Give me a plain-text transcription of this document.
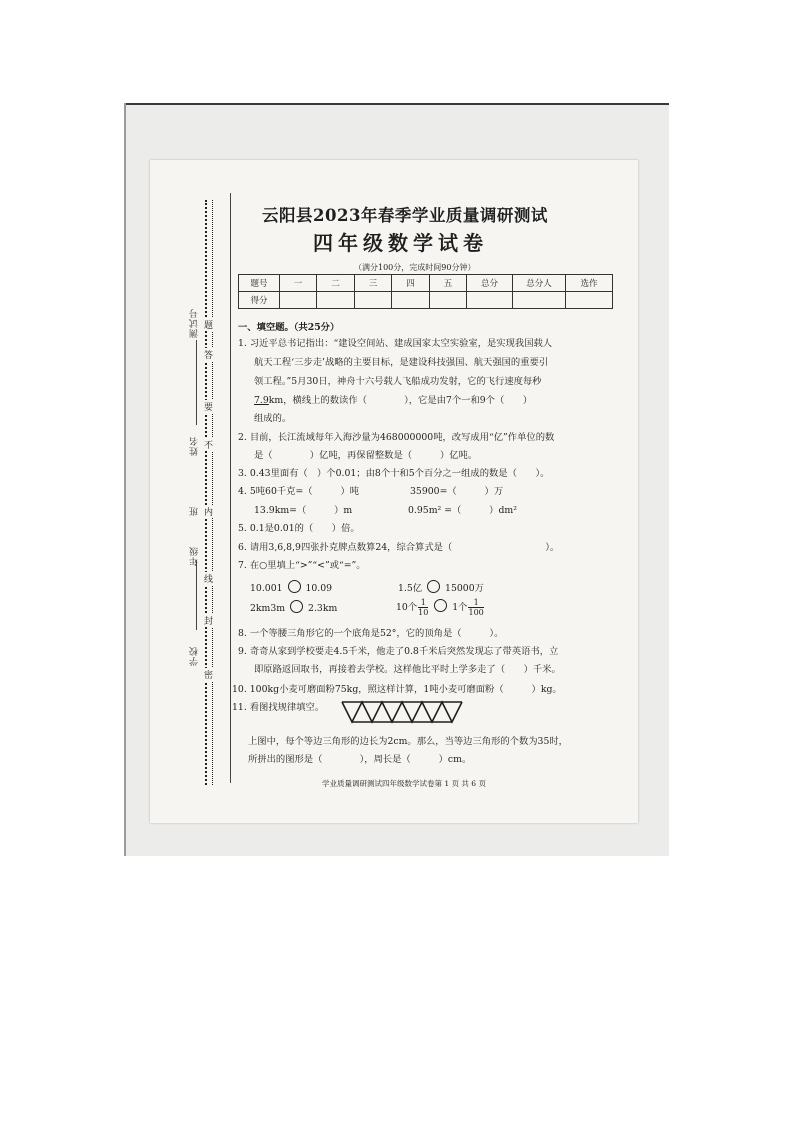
题
答
要
不
内
线
封
密
测试号
姓名
班
年级
学校
云阳县2023年春季学业质量调研测试
四年级数学试卷
（满分100分，完成时间90分钟）
题号	一	二	三	四	五	总分	总分人	选作
得分								
一、填空题。（共25分）
1. 习近平总书记指出：“建设空间站、建成国家太空实验室，是实现我国载人
航天工程‘三步走’战略的主要目标，是建设科技强国、航天强国的重要引
领工程。”5月30日，神舟十六号载人飞船成功发射，它的飞行速度每秒
7.9km，横线上的数读作（　　　　），它是由7个一和9个（　　）
组成的。
2. 目前，长江流域每年入海沙量为468000000吨，改写成用“亿”作单位的数
是（　　　　）亿吨，再保留整数是（　　　）亿吨。
3. 0.43里面有（　）个0.01；由8个十和5个百分之一组成的数是（　　）。
4. 5吨60千克=（　　　）吨	35900=（　　　）万
13.9km=（　　　）m	0.95m² =（　　　）dm²
5. 0.1是0.01的（　　）倍。
6. 请用3,6,8,9四张扑克牌点数算24，综合算式是（　　　　　　　　　　）。
7. 在○里填上“>”“<”或“=”。
10.001 10.09	1.5亿 15000万
2km3m 2.3km	10个 $\frac{1}{10}$	1个 $\frac{1}{100}$
8. 一个等腰三角形它的一个底角是52°，它的顶角是（　　　）。
9. 奇奇从家到学校要走4.5千米，他走了0.8千米后突然发现忘了带英语书，立
即原路返回取书，再接着去学校。这样他比平时上学多走了（　　）千米。
10. 100kg小麦可磨面粉75kg，照这样计算，1吨小麦可磨面粉（　　　）kg。
11. 看图找规律填空。
上图中，每个等边三角形的边长为2cm。那么，当等边三角形的个数为35时，
所拼出的图形是（　　　　），周长是（　　　）cm。
学业质量调研测试四年级数学试卷第 1 页 共 6 页
